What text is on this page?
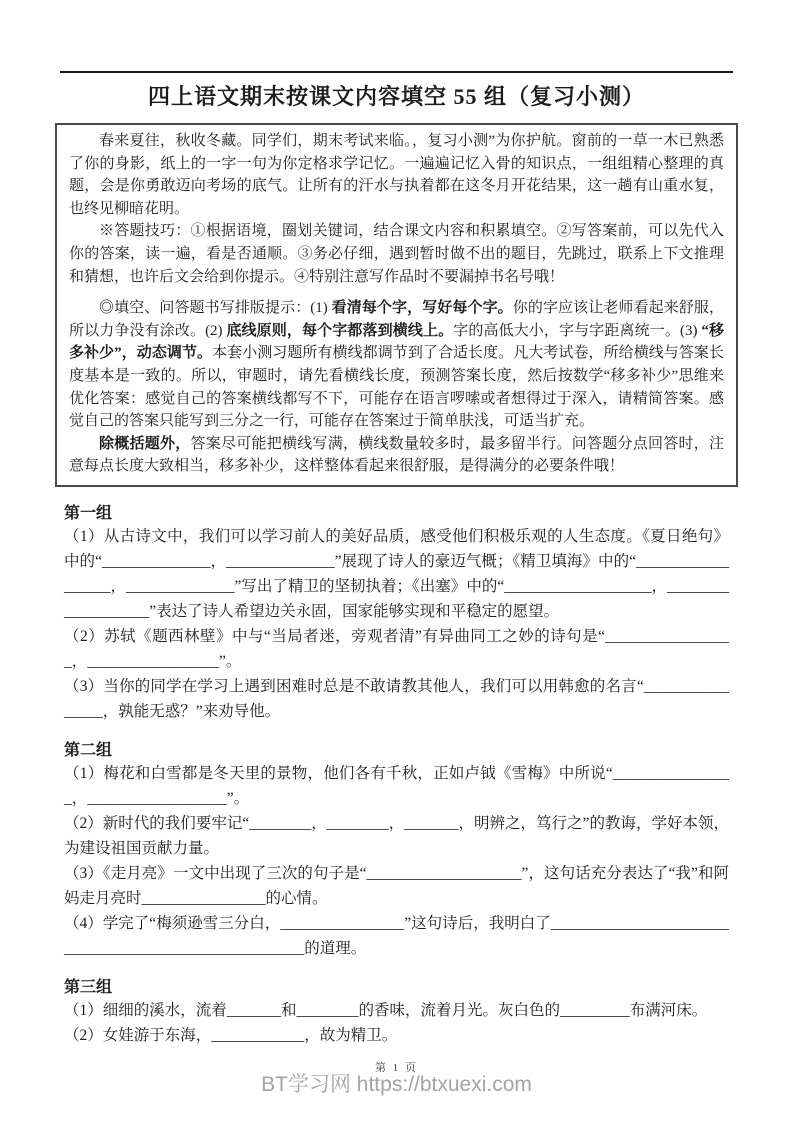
四上语文期末按课文内容填空 55 组（复习小测）

春来夏往，秋收冬藏。同学们，期末考试来临。，复习小测”为你护航。窗前的一草一木已熟悉了你的身影，纸上的一字一句为你定格求学记忆。一遍遍记忆入骨的知识点，一组组精心整理的真题，会是你勇敢迈向考场的底气。让所有的汗水与执着都在这冬月开花结果，这一趟有山重水复，也终见柳暗花明。

※答题技巧：①根据语境，圈划关键词，结合课文内容和积累填空。②写答案前，可以先代入你的答案，读一遍，看是否通顺。③务必仔细，遇到暂时做不出的题目，先跳过，联系上下文推理和猜想，也许后文会给到你提示。④特别注意写作品时不要漏掉书名号哦！

◎填空、问答题书写排版提示：(1) 看清每个字，写好每个字。你的字应该让老师看起来舒服，所以力争没有涂改。(2) 底线原则，每个字都落到横线上。字的高低大小，字与字距离统一。(3) “移多补少”，动态调节。本套小测习题所有横线都调节到了合适长度。凡大考试卷，所给横线与答案长度基本是一致的。所以，审题时，请先看横线长度，预测答案长度，然后按数学“移多补少”思维来优化答案：感觉自己的答案横线都写不下，可能存在语言啰嗦或者想得过于深入，请精简答案。感觉自己的答案只能写到三分之一行，可能存在答案过于简单肤浅，可适当扩充。

除概括题外，答案尽可能把横线写满，横线数量较多时，最多留半行。问答题分点回答时，注意每点长度大致相当，移多补少，这样整体看起来很舒服，是得满分的必要条件哦！

第一组

（1）从古诗文中，我们可以学习前人的美好品质，感受他们积极乐观的人生态度。《夏日绝句》中的“______________，______________”展现了诗人的豪迈气概；《精卫填海》中的“__________________，______________”写出了精卫的坚韧执着；《出塞》中的“___________________，___________________”表达了诗人希望边关永固，国家能够实现和平稳定的愿望。

（2）苏轼《题西林壁》中与“当局者迷，旁观者清”有异曲同工之妙的诗句是“_________________，_________________”。

（3）当你的同学在学习上遇到困难时总是不敢请教其他人，我们可以用韩愈的名言“________________，孰能无惑？”来劝导他。

第二组

（1）梅花和白雪都是冬天里的景物，他们各有千秋，正如卢钺《雪梅》中所说“________________，__________________”。

（2）新时代的我们要牢记“________，________，_______，明辨之，笃行之”的教诲，学好本领，为建设祖国贡献力量。

（3）《走月亮》一文中出现了三次的句子是“____________________”，这句话充分表达了“我”和阿妈走月亮时________________的心情。

（4）学完了“梅须逊雪三分白，________________”这句诗后，我明白了______________________________________________________的道理。

第三组

（1）细细的溪水，流着_______和________的香味，流着月光。灰白色的_________布满河床。

（2）女娃游于东海，____________，故为精卫。

第 1 页
BT学习网 https://btxuexi.com
